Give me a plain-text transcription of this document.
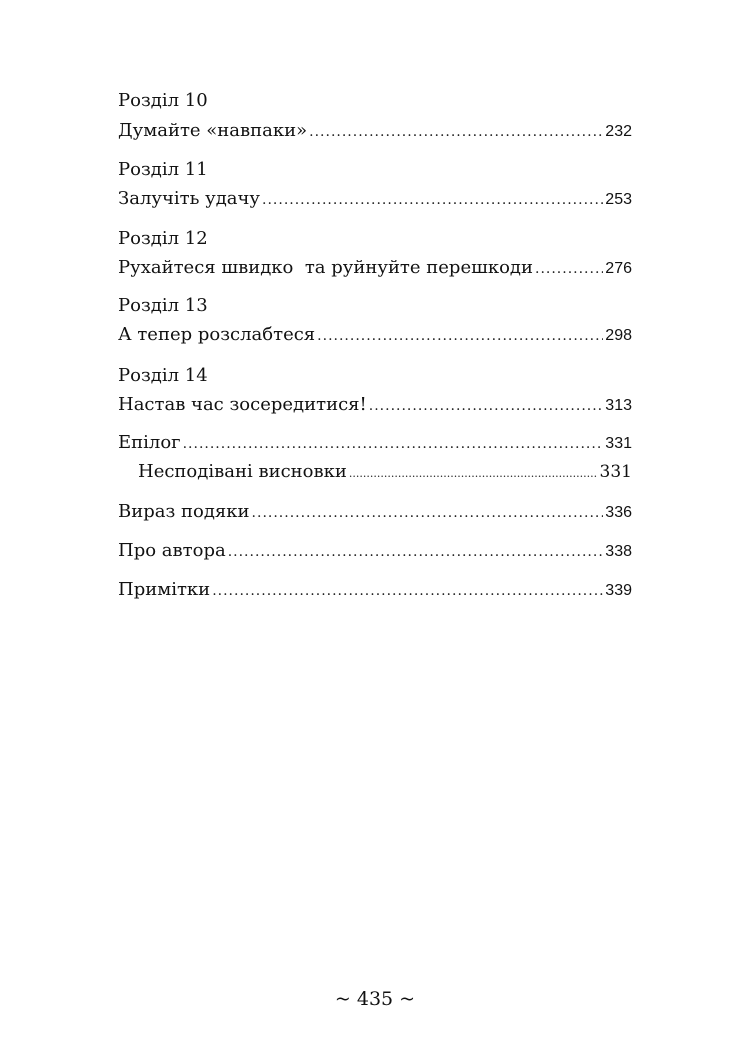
Розділ 10
Думайте «навпаки» .....	232
Розділ 11
Залучіть удачу .....	253
Розділ 12
Рухайтеся швидко  та руйнуйте перешкоди .....	276
Розділ 13
А тепер розслабтеся .....	298
Розділ 14
Настав час зосередитися! .....	313
Епілог .....	331
Несподівані висновки .....	331
Вираз подяки .....	336
Про автора .....	338
Примітки .....	339
~ 435 ~
